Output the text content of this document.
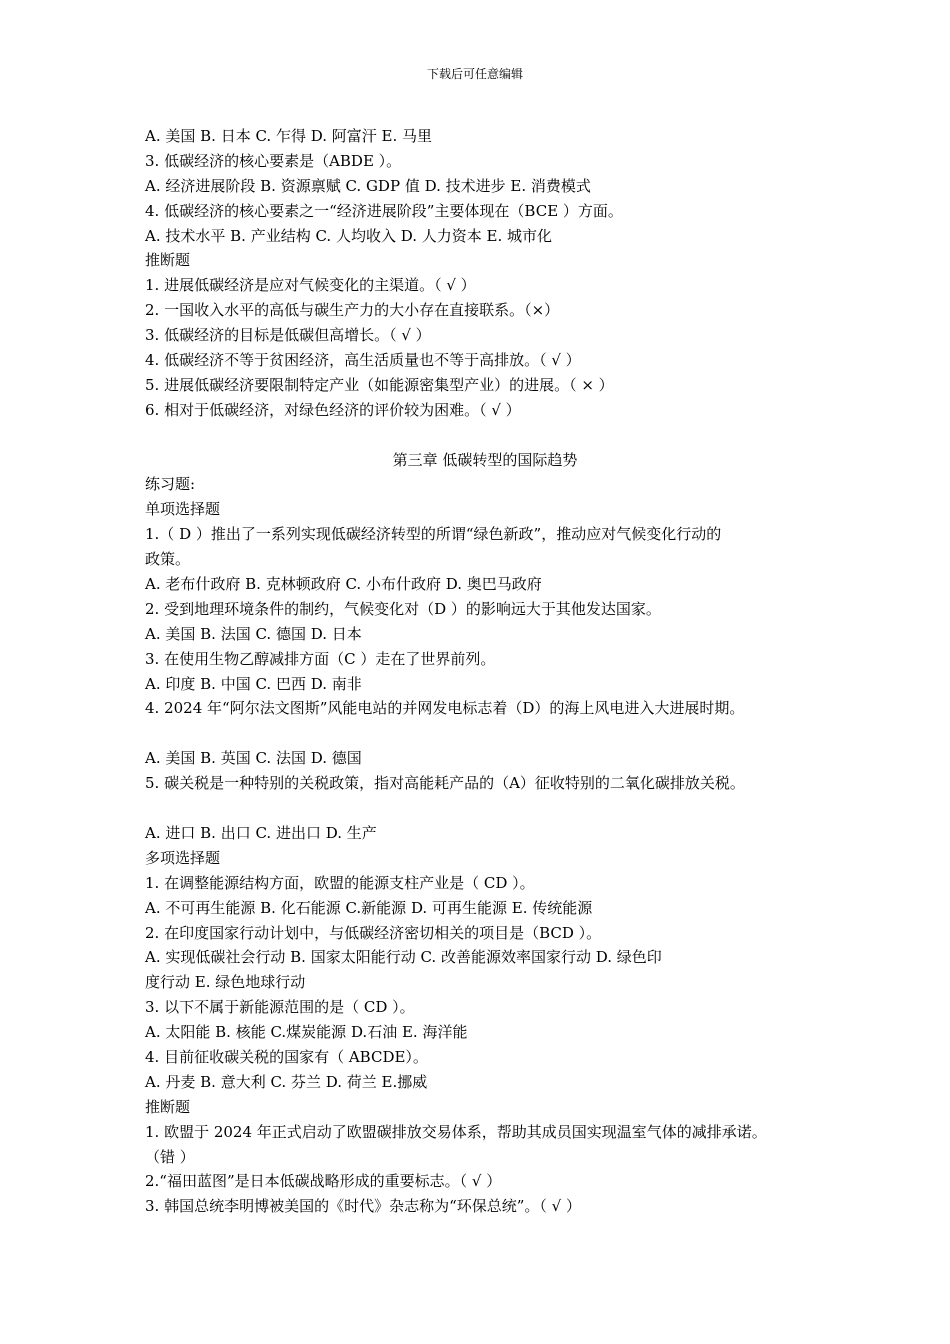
下载后可任意编辑
A. 美国 B. 日本 C. 乍得 D. 阿富汗 E. 马里
3. 低碳经济的核心要素是（ABDE ）。
A. 经济进展阶段 B. 资源禀赋 C. GDP 值 D. 技术进步 E. 消费模式
4. 低碳经济的核心要素之一“经济进展阶段”主要体现在（BCE ）方面。
A. 技术水平 B. 产业结构 C. 人均收入 D. 人力资本 E. 城市化
推断题
1. 进展低碳经济是应对气候变化的主渠道。（ √ ）
2. 一国收入水平的高低与碳生产力的大小存在直接联系。（×）
3. 低碳经济的目标是低碳但高增长。（ √ ）
4. 低碳经济不等于贫困经济，高生活质量也不等于高排放。（ √ ）
5. 进展低碳经济要限制特定产业（如能源密集型产业）的进展。（ × ）
6. 相对于低碳经济，对绿色经济的评价较为困难。（ √ ）
第三章 低碳转型的国际趋势
练习题:
单项选择题
1.（ D ）推出了一系列实现低碳经济转型的所谓“绿色新政”，推动应对气候变化行动的
政策。
A. 老布什政府 B. 克林顿政府 C. 小布什政府 D. 奥巴马政府
2. 受到地理环境条件的制约，气候变化对（D ）的影响远大于其他发达国家。
A. 美国 B. 法国 C. 德国 D. 日本
3. 在使用生物乙醇减排方面（C ）走在了世界前列。
A. 印度 B. 中国 C. 巴西 D. 南非
4. 2024 年“阿尔法文图斯”风能电站的并网发电标志着（D）的海上风电进入大进展时期。
A. 美国 B. 英国 C. 法国 D. 德国
5. 碳关税是一种特别的关税政策，指对高能耗产品的（A）征收特别的二氧化碳排放关税。
A. 进口 B. 出口 C. 进出口 D. 生产
多项选择题
1. 在调整能源结构方面，欧盟的能源支柱产业是（ CD ）。
A. 不可再生能源 B. 化石能源 C.新能源 D. 可再生能源 E. 传统能源
2. 在印度国家行动计划中，与低碳经济密切相关的项目是（BCD ）。
A. 实现低碳社会行动 B. 国家太阳能行动 C. 改善能源效率国家行动 D. 绿色印
度行动 E. 绿色地球行动
3. 以下不属于新能源范围的是（ CD ）。
A. 太阳能 B. 核能 C.煤炭能源 D.石油 E. 海洋能
4. 目前征收碳关税的国家有（ ABCDE）。
A. 丹麦 B. 意大利 C. 芬兰 D. 荷兰 E.挪威
推断题
1. 欧盟于 2024 年正式启动了欧盟碳排放交易体系，帮助其成员国实现温室气体的减排承诺。
（错 ）
2.“福田蓝图”是日本低碳战略形成的重要标志。（ √ ）
3. 韩国总统李明博被美国的《时代》杂志称为“环保总统”。（ √ ）
